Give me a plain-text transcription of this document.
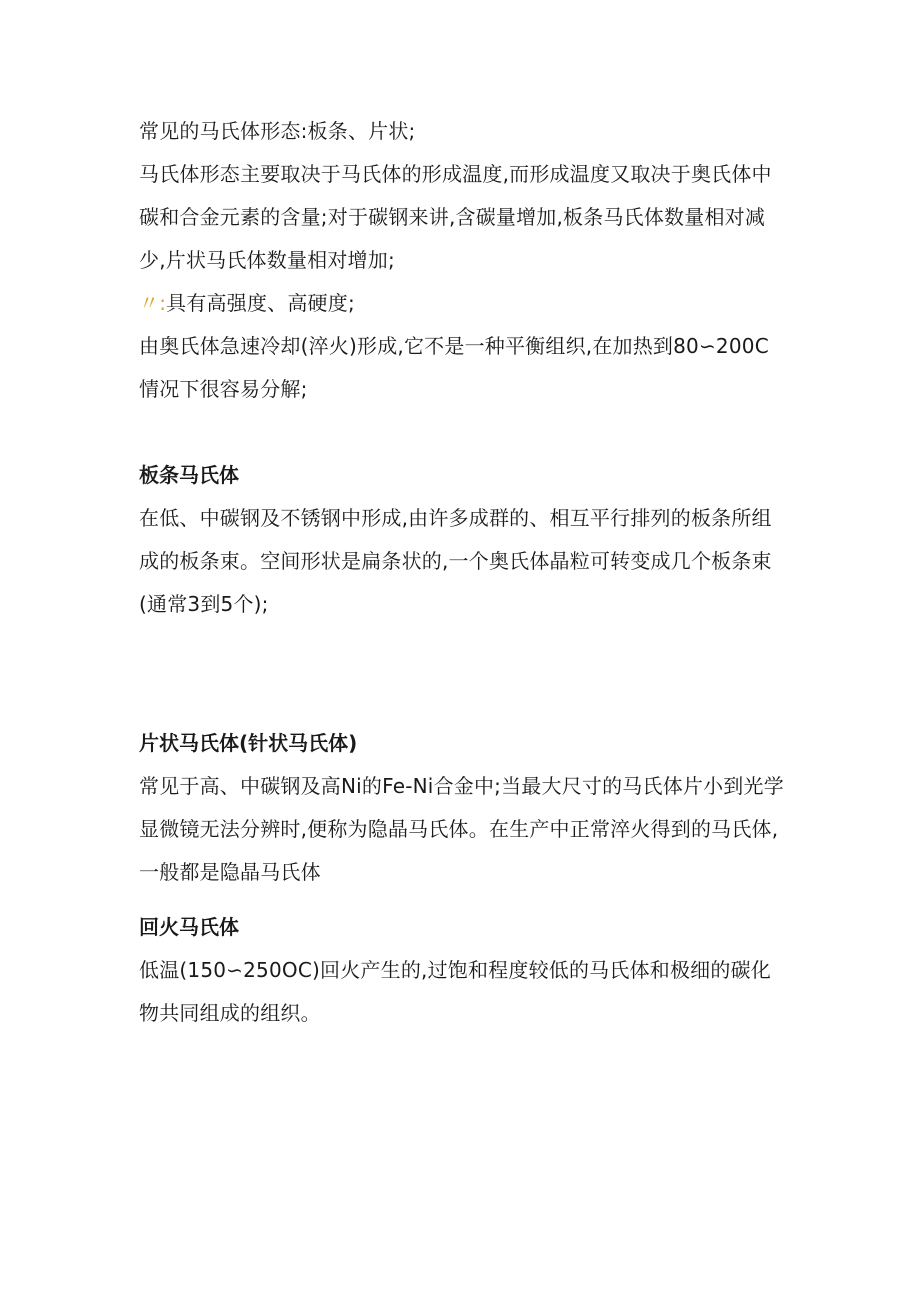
常见的马氏体形态:板条、片状;

马氏体形态主要取决于马氏体的形成温度,而形成温度又取决于奥氏体中碳和合金元素的含量;对于碳钢来讲,含碳量增加,板条马氏体数量相对减少,片状马氏体数量相对增加;

〃:具有高强度、高硬度;

由奥氏体急速冷却(淬火)形成,它不是一种平衡组织,在加热到80∽200C情况下很容易分解;

板条马氏体

在低、中碳钢及不锈钢中形成,由许多成群的、相互平行排列的板条所组成的板条束。空间形状是扁条状的,一个奥氏体晶粒可转变成几个板条束(通常3到5个);

片状马氏体(针状马氏体)

常见于高、中碳钢及高Ni的Fe-Ni合金中;当最大尺寸的马氏体片小到光学显微镜无法分辨时,便称为隐晶马氏体。在生产中正常淬火得到的马氏体,一般都是隐晶马氏体

回火马氏体

低温(150∽250OC)回火产生的,过饱和程度较低的马氏体和极细的碳化物共同组成的组织。
